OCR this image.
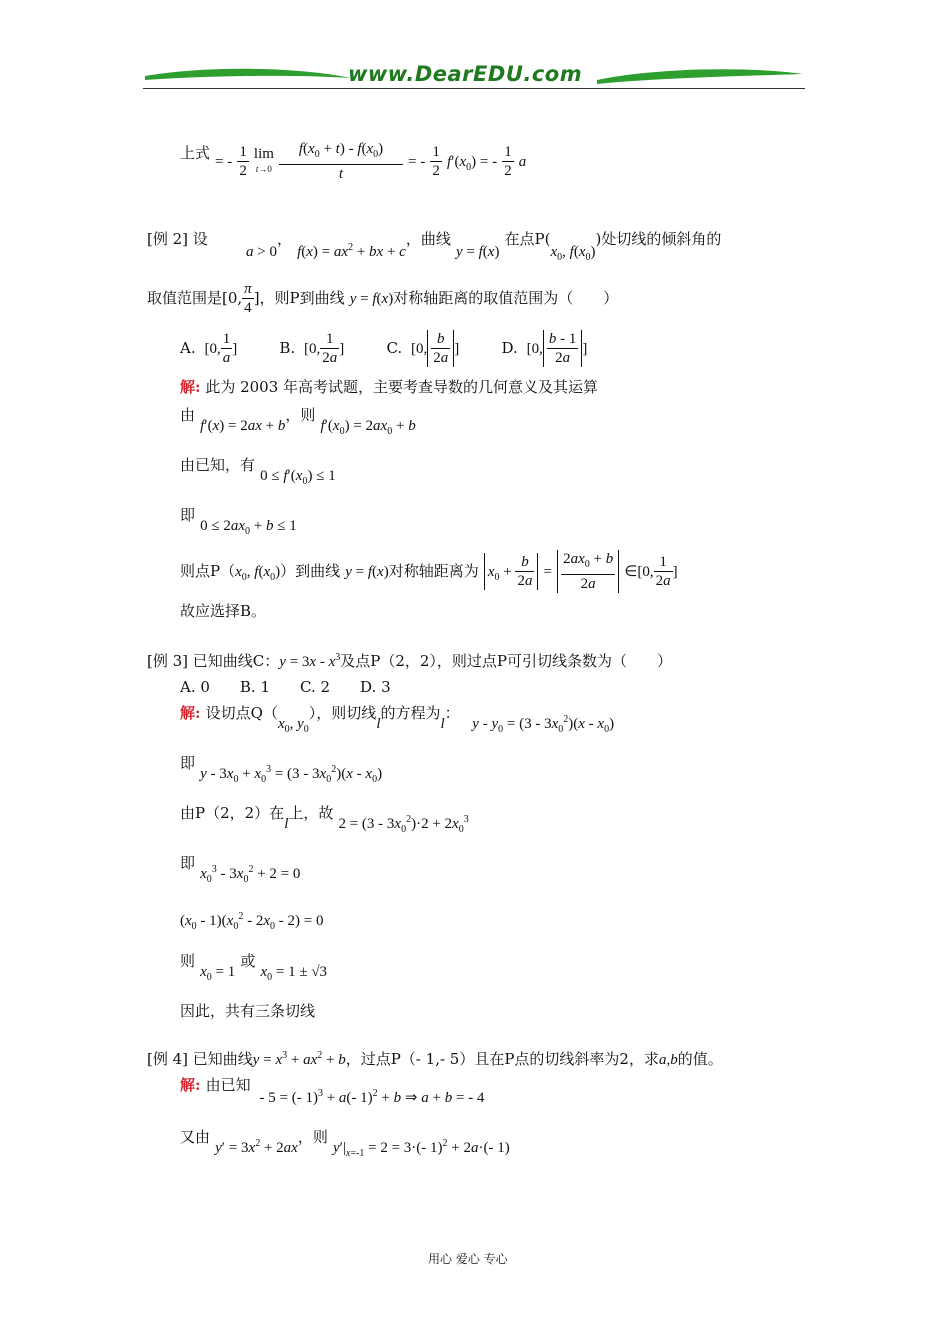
www.DearEDU.com
上式 = - $\frac{1}{2}$ lim
$t\to 0 \frac{f(x_0 + t) - f(x_0)}{t}$ = - $\frac{1}{2} f'(x_0)$ = - $\frac{1}{2}$ a
[例 2] 设
a > 0， $f(x) = ax^2$ + bx + c，曲线 y = f(x) 在点$P(x_0$, $f(x_0)$)处切线的倾斜角的
取值范围是[0, $\frac{\pi}{4}$ ]，则P到曲线 y = f(x)对称轴距离的取值范围为（　　）
A.  [0, $\frac{1}{a}$ ]	B.  [0, $\frac{1}{2a}$ ]	C.  [0, $\frac{b}{2a}$ ]	D.  [0, $\frac{b - 1}{2a}$ ]
解: 此为 2003 年高考试题，主要考查导数的几何意义及其运算
由 f′(x) = 2ax + b，则 $f'(x_0) = 2ax_0 + b$
由已知，有 $0 \le f'(x_0) \le 1$
即 $0 \le 2ax_0 + b \le 1$
则点$P(x_0$, $f(x_0)$）到曲线 y = f(x)对称轴距离为 $x_0 + \frac{b}{2a} = \frac{2ax_0 + b}{2a}$ ∈[0, $\frac{1}{2a}$ ]
故应选择B。
[例 3] 已知曲线C：$y = 3x - x^3$及点P（2，2），则过点P可引切线条数为（　　）
A. 0　　B. 1　　C. 2　　D. 3
解: 设切点$Q(x_0$, $y_0$），则切线l的方程为l：   $y - y_0 = (3 - 3x_0^2)(x - x_0)$
即 $y - 3x_0 + x_0^3 = (3 - 3x_0^2)(x - x_0)$
由P（2，2）在l上，故 $2 = (3 - 3x_0^2)\cdot 2 + 2x_0^3$
即 $x_0^3 - 3x_0^2 + 2 = 0$
$(x_0 - 1)(x_0^2 - 2x_0 - 2) = 0$
则 $x_0 = 1$ 或 $x_0 = 1 \pm √3$
因此，共有三条切线
[例 4] 已知曲线$y = x^3 + ax^2 + b$，过点P（- 1,- 5）且在P点的切线斜率为2，求a,b的值。
解: 由已知  - 5 = (- 1)$^3$ + a(- 1)$^2$ + b ⇒ a + b = - 4
又由 $y' = 3x^2 + 2ax$，则 $y'|_{x=-1} = 2 = 3\cdot(-$ 1)$^2$ + 2a·(- 1)
用心 爱心 专心
